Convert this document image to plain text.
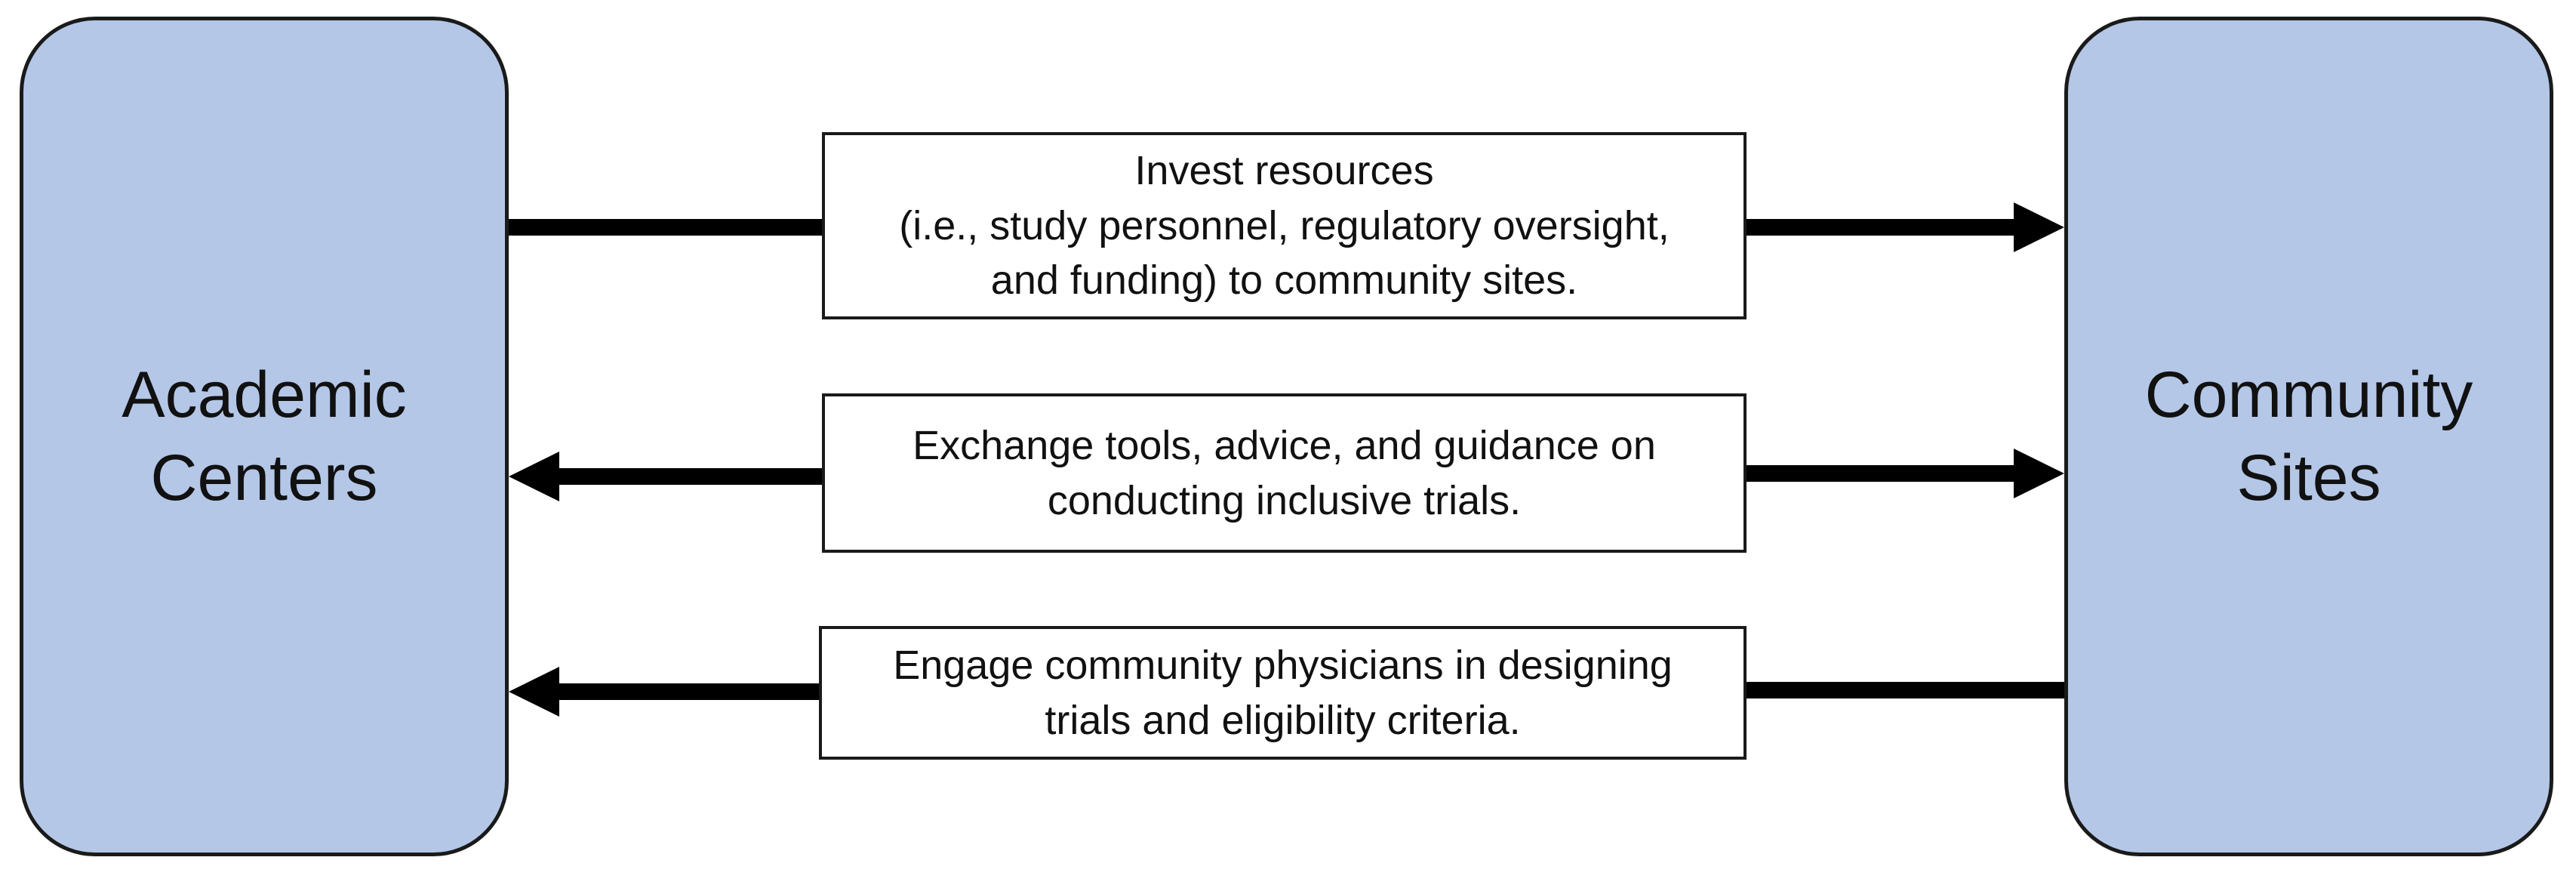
Academic
Centers
Community
Sites
Invest resources
(i.e., study personnel, regulatory oversight,
and funding) to community sites.
Exchange tools, advice, and guidance on
conducting inclusive trials.
Engage community physicians in designing
trials and eligibility criteria.
